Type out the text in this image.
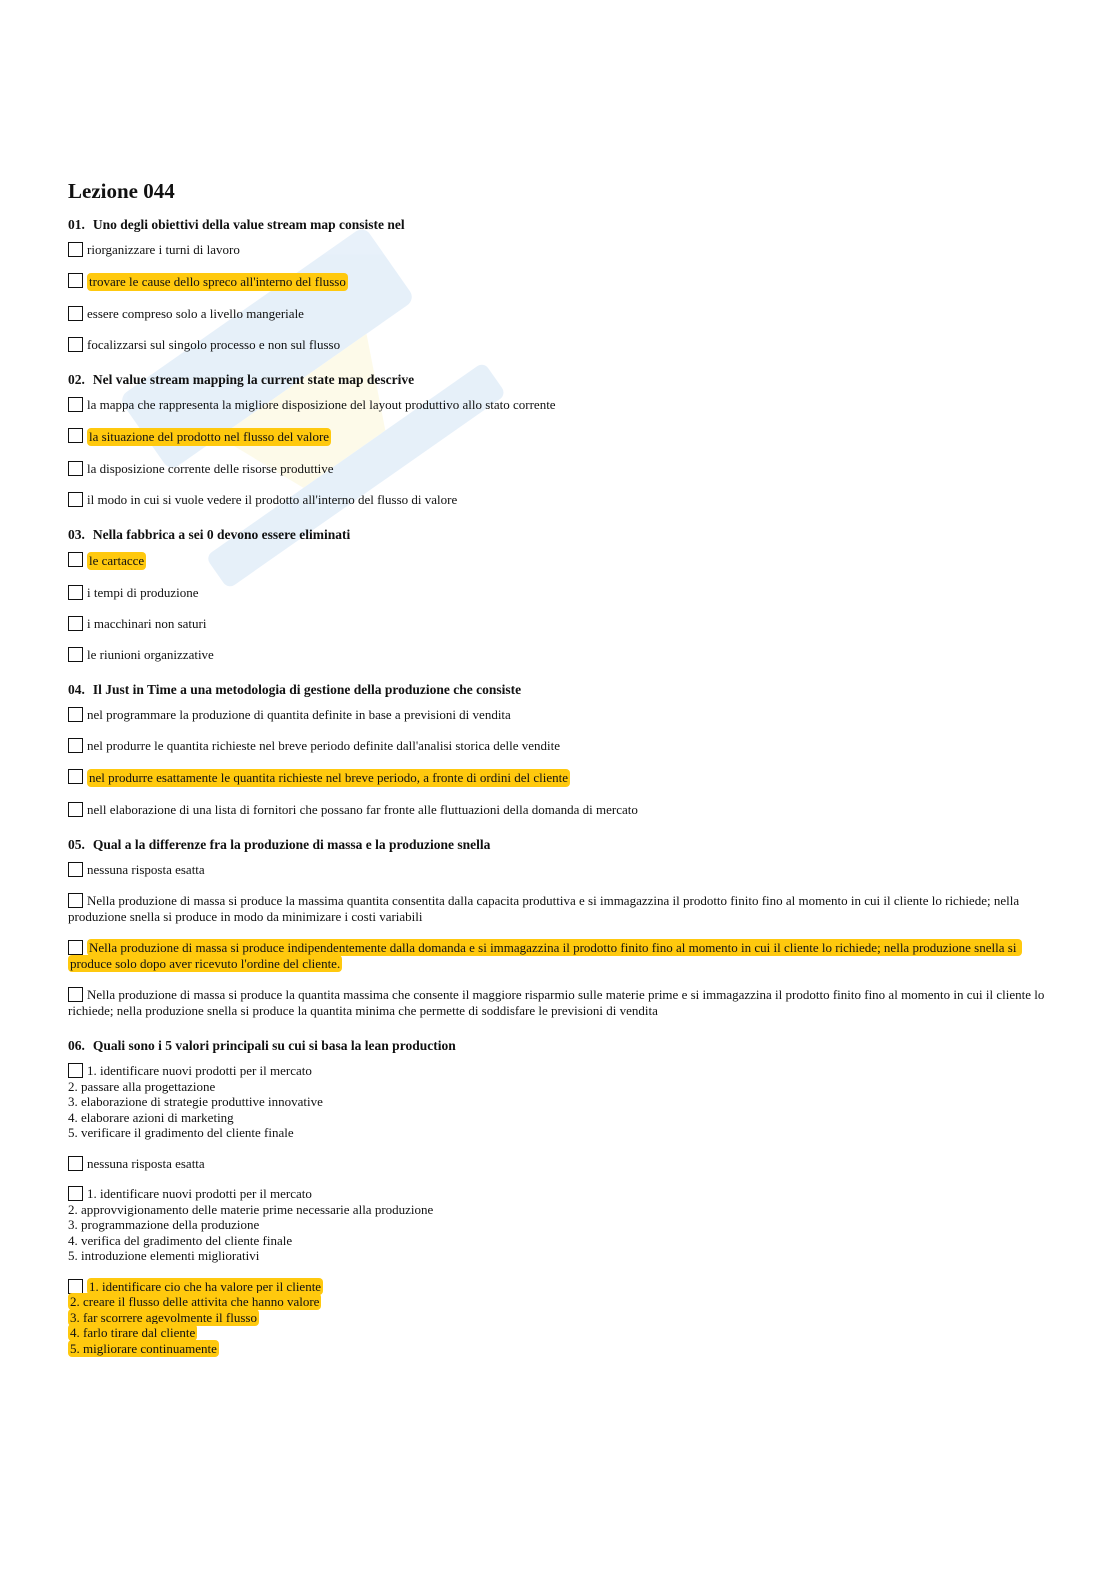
Lezione 044
01. Uno degli obiettivi della value stream map consiste nel
riorganizzare i turni di lavoro
trovare le cause dello spreco all'interno del flusso
essere compreso solo a livello mangeriale
focalizzarsi sul singolo processo e non sul flusso
02. Nel value stream mapping la current state map descrive
la mappa che rappresenta la migliore disposizione del layout produttivo allo stato corrente
la situazione del prodotto nel flusso del valore
la disposizione corrente delle risorse produttive
il modo in cui si vuole vedere il prodotto all'interno del flusso di valore
03. Nella fabbrica a sei 0 devono essere eliminati
le cartacce
i tempi di produzione
i macchinari non saturi
le riunioni organizzative
04. Il Just in Time a una metodologia di gestione della produzione che consiste
nel programmare la produzione di quantita definite in base a previsioni di vendita
nel produrre le quantita richieste nel breve periodo definite dall'analisi storica delle vendite
nel produrre esattamente le quantita richieste nel breve periodo, a fronte di ordini del cliente
nell elaborazione di una lista di fornitori che possano far fronte alle fluttuazioni della domanda di mercato
05. Qual a la differenze fra la produzione di massa e la produzione snella
nessuna risposta esatta
Nella produzione di massa si produce la massima quantita consentita dalla capacita produttiva e si immagazzina il prodotto finito fino al momento in cui il cliente lo richiede; nella produzione snella si produce in modo da minimizare i costi variabili
Nella produzione di massa si produce indipendentemente dalla domanda e si immagazzina il prodotto finito fino al momento in cui il cliente lo richiede; nella produzione snella si produce solo dopo aver ricevuto l'ordine del cliente.
Nella produzione di massa si produce la quantita massima che consente il maggiore risparmio sulle materie prime e si immagazzina il prodotto finito fino al momento in cui il cliente lo richiede; nella produzione snella si produce la quantita minima che permette di soddisfare le previsioni di vendita
06. Quali sono i 5 valori principali su cui si basa la lean production
1. identificare nuovi prodotti per il mercato
2. passare alla progettazione
3. elaborazione di strategie produttive innovative
4. elaborare azioni di marketing
5. verificare il gradimento del cliente finale
nessuna risposta esatta
1. identificare nuovi prodotti per il mercato
2. approvvigionamento delle materie prime necessarie alla produzione
3. programmazione della produzione
4. verifica del gradimento del cliente finale
5. introduzione elementi migliorativi
1. identificare cio che ha valore per il cliente
2. creare il flusso delle attivita che hanno valore
3. far scorrere agevolmente il flusso
4. farlo tirare dal cliente
5. migliorare continuamente
